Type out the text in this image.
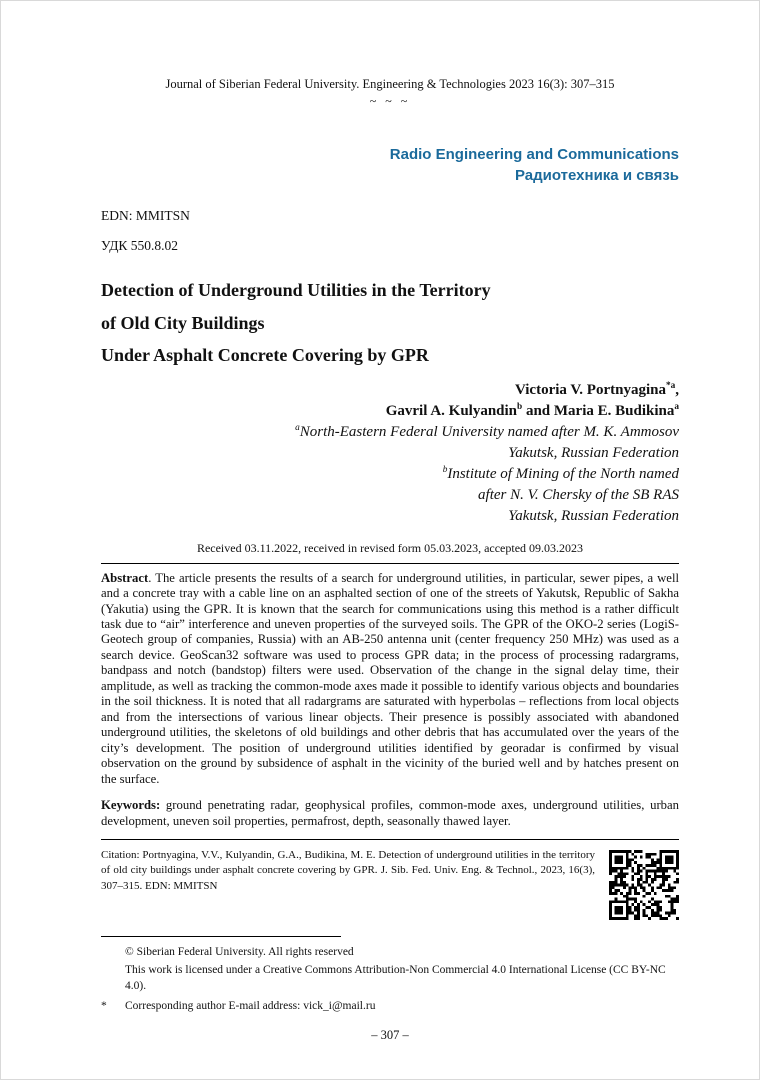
Journal of Siberian Federal University. Engineering & Technologies 2023 16(3): 307–315
~ ~ ~
Radio Engineering and Communications
Радиотехника и связь
EDN: MMITSN
УДК 550.8.02
Detection of Underground Utilities in the Territory
of Old City Buildings
Under Asphalt Concrete Covering by GPR
Victoria V. Portnyagina$^{*a}$,
Gavril A. Kulyandin$^b$ and Maria E. Budikina$^a$
$^a$North-Eastern Federal University named after M. K. Ammosov
Yakutsk, Russian Federation
$^b$Institute of Mining of the North named
after N. V. Chersky of the SB RAS
Yakutsk, Russian Federation
Received 03.11.2022, received in revised form 05.03.2023, accepted 09.03.2023

Abstract. The article presents the results of a search for underground utilities, in particular, sewer pipes, a well and a concrete tray with a cable line on an asphalted section of one of the streets of Yakutsk, Republic of Sakha (Yakutia) using the GPR. It is known that the search for communications using this method is a rather difficult task due to “air” interference and uneven properties of the surveyed soils. The GPR of the OKO-2 series (LogiS-Geotech group of companies, Russia) with an AB-250 antenna unit (center frequency 250 MHz) was used as a search device. GeoScan32 software was used to process GPR data; in the process of processing radargrams, bandpass and notch (bandstop) filters were used. Observation of the change in the signal delay time, their amplitude, as well as tracking the common-mode axes made it possible to identify various objects and boundaries in the soil thickness. It is noted that all radargrams are saturated with hyperbolas – reflections from local objects and from the intersections of various linear objects. Their presence is possibly associated with abandoned underground utilities, the skeletons of old buildings and other debris that has accumulated over the years of the city’s development. The position of underground utilities identified by georadar is confirmed by visual observation on the ground by subsidence of asphalt in the vicinity of the buried well and by hatches present on the surface.

Keywords: ground penetrating radar, geophysical profiles, common-mode axes, underground utilities, urban development, uneven soil properties, permafrost, depth, seasonally thawed layer.

Citation: Portnyagina, V.V., Kulyandin, G.A., Budikina, M. E. Detection of underground utilities in the territory of old city buildings under asphalt concrete covering by GPR. J. Sib. Fed. Univ. Eng. & Technol., 2023, 16(3), 307–315. EDN: MMITSN

© Siberian Federal University. All rights reserved
This work is licensed under a Creative Commons Attribution-Non Commercial 4.0 International License (CC BY-NC 4.0).
*	Corresponding author E-mail address: vick_i@mail.ru
– 307 –
